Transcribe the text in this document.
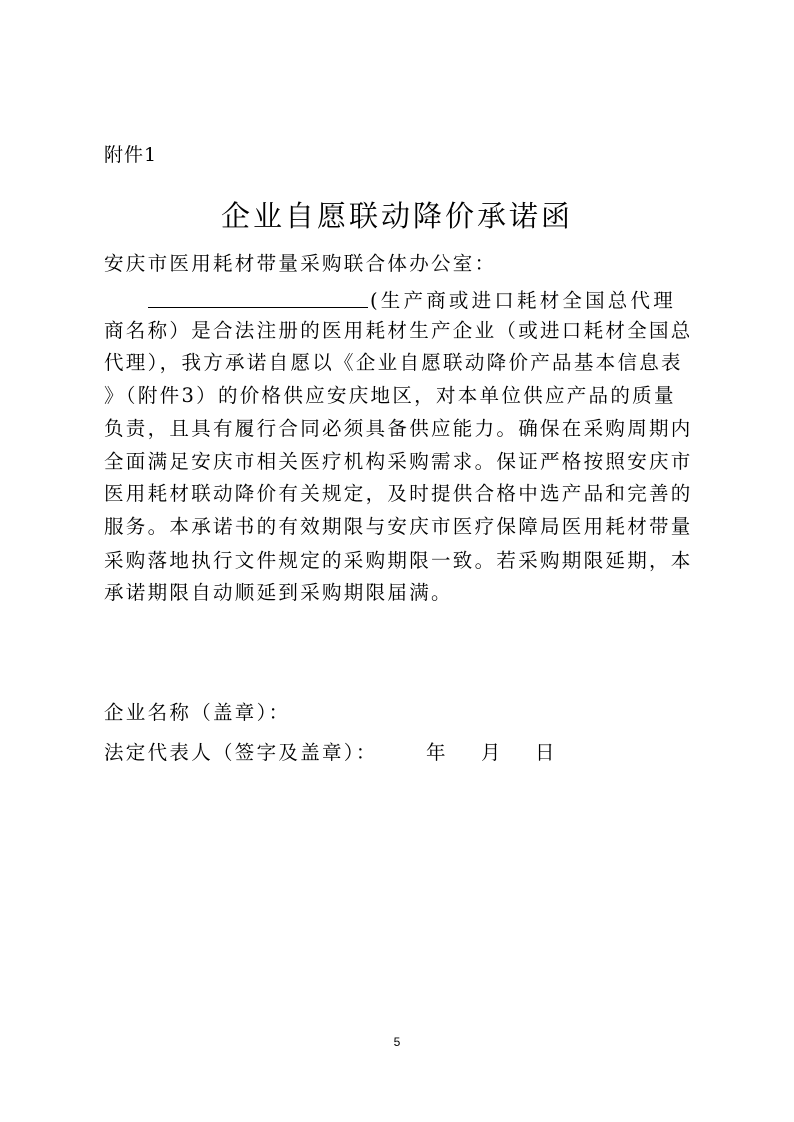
附件1
企业自愿联动降价承诺函
安庆市医用耗材带量采购联合体办公室：
(生产商或进口耗材全国总代理
商名称）是合法注册的医用耗材生产企业（或进口耗材全国总
代理），我方承诺自愿以《企业自愿联动降价产品基本信息表
》（附件3）的价格供应安庆地区，对本单位供应产品的质量
负责，且具有履行合同必须具备供应能力。确保在采购周期内
全面满足安庆市相关医疗机构采购需求。保证严格按照安庆市
医用耗材联动降价有关规定，及时提供合格中选产品和完善的
服务。本承诺书的有效期限与安庆市医疗保障局医用耗材带量
采购落地执行文件规定的采购期限一致。若采购期限延期，本
承诺期限自动顺延到采购期限届满。
企业名称（盖章）：
法定代表人（签字及盖章）： 年 月 日
5
